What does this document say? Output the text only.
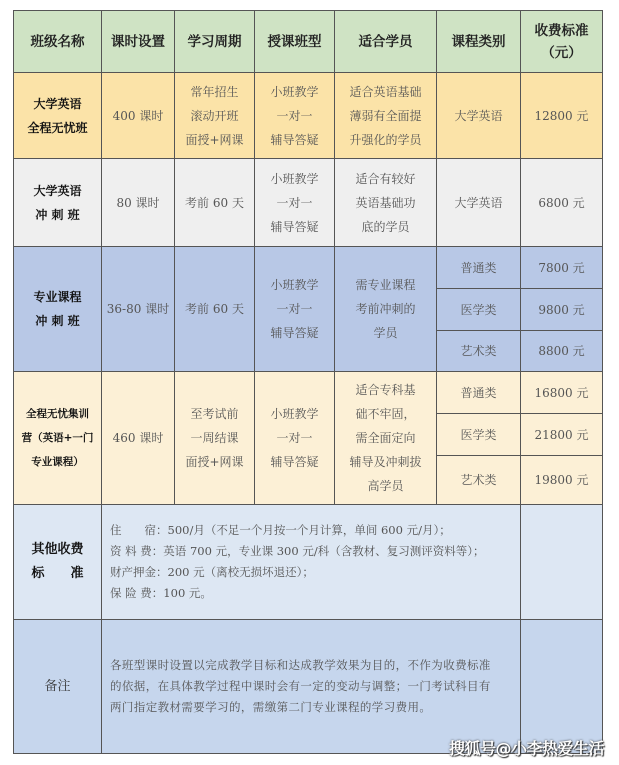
班级名称	课时设置	学习周期	授课班型	适合学员	课程类别	收费标准
（元）

大学英语
全程无忧班	400 课时	常年招生
滚动开班
面授+网课	小班教学
一对一
辅导答疑	适合英语基础
薄弱有全面提
升强化的学员	大学英语	12800 元

大学英语
冲 刺 班	80 课时	考前 60 天	小班教学
一对一
辅导答疑	适合有较好
英语基础功
底的学员	大学英语	6800 元

专业课程
冲 刺 班	36-80 课时	考前 60 天	小班教学
一对一
辅导答疑	需专业课程
考前冲刺的
学员	普通类	7800 元
					医学类	9800 元
					艺术类	8800 元

全程无忧集训
营（英语+一门
专业课程）	460 课时	至考试前
一周结课
面授+网课	小班教学
一对一
辅导答疑	适合专科基
础不牢固，
需全面定向
辅导及冲刺拔
高学员	普通类	16800 元
					医学类	21800 元
					艺术类	19800 元

其他收费
标　　准	住　　宿：500/月（不足一个月按一个月计算，单间 600 元/月）；
资 料 费：英语 700 元，专业课 300 元/科（含教材、复习测评资料等）；
财产押金：200 元（离校无损坏退还）；
保 险 费：100 元。					

备注	各班型课时设置以完成教学目标和达成教学效果为目的，不作为收费标准
的依据，在具体教学过程中课时会有一定的变动与调整；一门考试科目有
两门指定教材需要学习的，需缴第二门专业课程的学习费用。					

搜狐号@小李热爱生活
